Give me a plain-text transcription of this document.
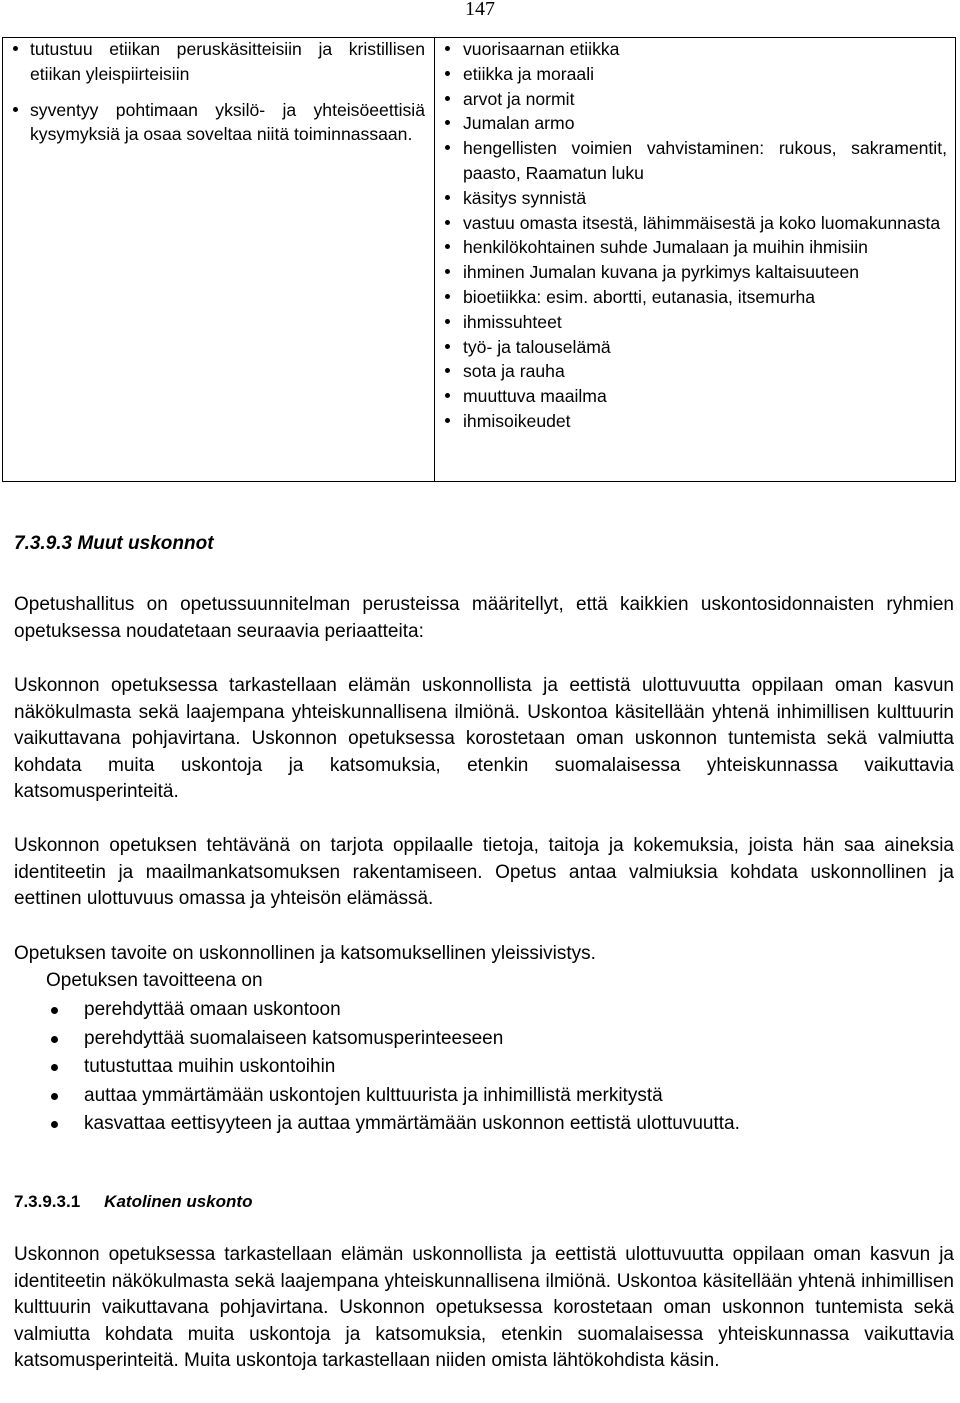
147
tutustuu etiikan peruskäsitteisiin ja kristillisen etiikan yleispiirteisiin
syventyy pohtimaan yksilö- ja yhteisöeettisiä kysymyksiä ja osaa soveltaa niitä toiminnassaan.
vuorisaarnan etiikka
etiikka ja moraali
arvot ja normit
Jumalan armo
hengellisten voimien vahvistaminen: rukous, sakramentit, paasto, Raamatun luku
käsitys synnistä
vastuu omasta itsestä, lähimmäisestä ja koko luomakunnasta
henkilökohtainen suhde Jumalaan ja muihin ihmisiin
ihminen Jumalan kuvana ja pyrkimys kaltaisuuteen
bioetiikka: esim. abortti, eutanasia, itsemurha
ihmissuhteet
työ- ja talouselämä
sota ja rauha
muuttuva maailma
ihmisoikeudet
7.3.9.3 Muut uskonnot

Opetushallitus on opetussuunnitelman perusteissa määritellyt, että kaikkien uskontosidonnaisten ryhmien opetuksessa noudatetaan seuraavia periaatteita:

Uskonnon opetuksessa tarkastellaan elämän uskonnollista ja eettistä ulottuvuutta oppilaan oman kasvun näkökulmasta sekä laajempana yhteiskunnallisena ilmiönä. Uskontoa käsitellään yhtenä inhimillisen kulttuurin vaikuttavana pohjavirtana. Uskonnon opetuksessa korostetaan oman uskonnon tuntemista sekä valmiutta kohdata muita uskontoja ja katsomuksia, etenkin suomalaisessa yhteiskunnassa vaikuttavia katsomusperinteitä.

Uskonnon opetuksen tehtävänä on tarjota oppilaalle tietoja, taitoja ja kokemuksia, joista hän saa aineksia identiteetin ja maailmankatsomuksen rakentamiseen. Opetus antaa valmiuksia kohdata uskonnollinen ja eettinen ulottuvuus omassa ja yhteisön elämässä.

Opetuksen tavoite on uskonnollinen ja katsomuksellinen yleissivistys.

Opetuksen tavoitteena on

perehdyttää omaan uskontoon
perehdyttää suomalaiseen katsomusperinteeseen
tutustuttaa muihin uskontoihin
auttaa ymmärtämään uskontojen kulttuurista ja inhimillistä merkitystä
kasvattaa eettisyyteen ja auttaa ymmärtämään uskonnon eettistä ulottuvuutta.
7.3.9.3.1 Katolinen uskonto

Uskonnon opetuksessa tarkastellaan elämän uskonnollista ja eettistä ulottuvuutta oppilaan oman kasvun ja identiteetin näkökulmasta sekä laajempana yhteiskunnallisena ilmiönä. Uskontoa käsitellään yhtenä inhimillisen kulttuurin vaikuttavana pohjavirtana. Uskonnon opetuksessa korostetaan oman uskonnon tuntemista sekä valmiutta kohdata muita uskontoja ja katsomuksia, etenkin suomalaisessa yhteiskunnassa vaikuttavia katsomusperinteitä. Muita uskontoja tarkastellaan niiden omista lähtökohdista käsin.
